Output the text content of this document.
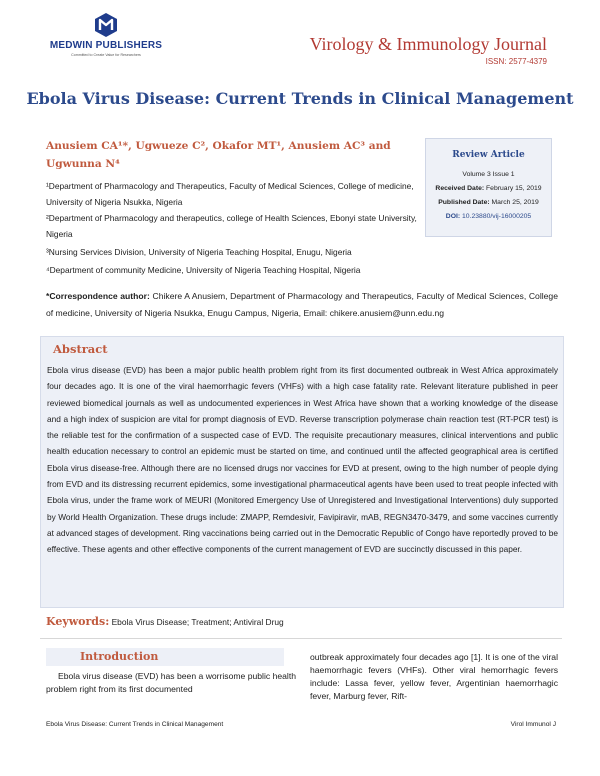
MEDWIN PUBLISHERS
Committed to Create Value for Researchers
Virology & Immunology Journal
ISSN: 2577-4379
Ebola Virus Disease: Current Trends in Clinical Management
Anusiem CA¹*, Ugwueze C², Okafor MT¹, Anusiem AC³ and Ugwunna N⁴
¹Department of Pharmacology and Therapeutics, Faculty of Medical Sciences, College of medicine, University of Nigeria Nsukka, Nigeria
²Department of Pharmacology and therapeutics, college of Health Sciences, Ebonyi state University, Nigeria
³Nursing Services Division, University of Nigeria Teaching Hospital, Enugu, Nigeria
⁴Department of community Medicine, University of Nigeria Teaching Hospital, Nigeria
Review Article
Volume 3 Issue 1
Received Date: February 15, 2019
Published Date: March 25, 2019
DOI: 10.23880/vij-16000205
*Correspondence author: Chikere A Anusiem, Department of Pharmacology and Therapeutics, Faculty of Medical Sciences, College of medicine, University of Nigeria Nsukka, Enugu Campus, Nigeria, Email: chikere.anusiem@unn.edu.ng
Abstract
Ebola virus disease (EVD) has been a major public health problem right from its first documented outbreak in West Africa approximately four decades ago. It is one of the viral haemorrhagic fevers (VHFs) with a high case fatality rate. Relevant literature published in peer reviewed biomedical journals as well as undocumented experiences in West Africa have shown that a working knowledge of the disease and a high index of suspicion are vital for prompt diagnosis of EVD. Reverse transcription polymerase chain reaction test (RT-PCR test) is the reliable test for the confirmation of a suspected case of EVD. The requisite precautionary measures, clinical interventions and public health education necessary to control an epidemic must be started on time, and continued until the affected geographical area is certified Ebola virus disease-free. Although there are no licensed drugs nor vaccines for EVD at present, owing to the high number of people dying from EVD and its distressing recurrent epidemics, some investigational pharmaceutical agents have been used to treat people infected with Ebola virus, under the frame work of MEURI (Monitored Emergency Use of Unregistered and Investigational Interventions) duly supported by World Health Organization. These drugs include: ZMAPP, Remdesivir, Favipiravir, mAB, REGN3470-3479, and some vaccines currently at advanced stages of development. Ring vaccinations being carried out in the Democratic Republic of Congo have reportedly proved to be effective. These agents and other effective components of the current management of EVD are succinctly discussed in this paper.
Keywords: Ebola Virus Disease; Treatment; Antiviral Drug
Introduction
Ebola virus disease (EVD) has been a worrisome public health problem right from its first documented
outbreak approximately four decades ago [1]. It is one of the viral haemorrhagic fevers (VHFs). Other viral hemorrhagic fevers include: Lassa fever, yellow fever, Argentinian haemorrhagic fever, Marburg fever, Rift-
Ebola Virus Disease: Current Trends in Clinical Management	Virol Immunol J
